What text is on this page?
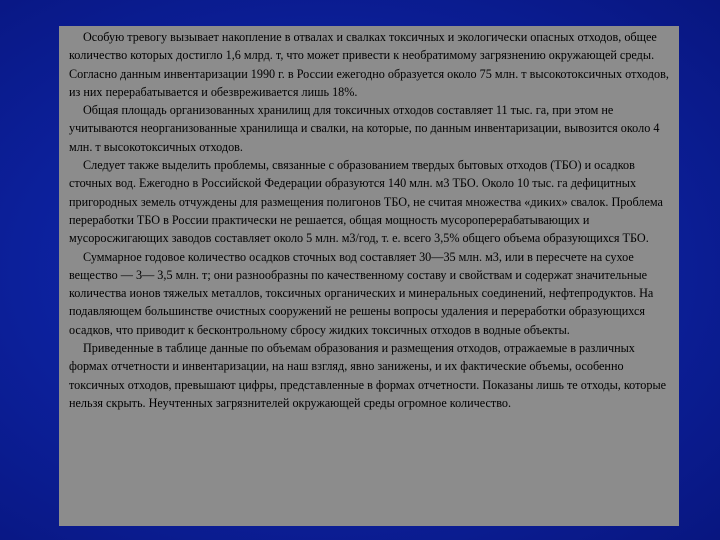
Особую тревогу вызывает накопление в отвалах и свалках токсичных и экологически опасных отходов, общее количество которых достигло 1,6 млрд. т, что может привести к необратимому загрязнению окружающей среды. Согласно данным инвентаризации 1990 г. в России ежегодно образуется около 75 млн. т высокотоксичных отходов, из них перерабатывается и обезвреживается лишь 18%.

Общая площадь организованных хранилищ для токсичных отходов составляет 11 тыс. га, при этом не учитываются неорганизованные хранилища и свалки, на которые, по данным инвентаризации, вывозится около 4 млн. т высокотоксичных отходов.

Следует также выделить проблемы, связанные с образованием твердых бытовых отходов (ТБО) и осадков сточных вод. Ежегодно в Российской Федерации образуются 140 млн. м3 ТБО. Около 10 тыс. га дефицитных пригородных земель отчуждены для размещения полигонов ТБО, не считая множества «диких» свалок. Проблема переработки ТБО в России практически не решается, общая мощность мусороперерабатывающих и мусоросжигающих заводов составляет около 5 млн. м3/год, т. е. всего 3,5% общего объема образующихся ТБО.

Суммарное годовое количество осадков сточных вод составляет 30—35 млн. м3, или в пересчете на сухое вещество — 3— 3,5 млн. т; они разнообразны по качественному составу и свойствам и содержат значительные количества ионов тяжелых металлов, токсичных органических и минеральных соединений, нефтепродуктов. На подавляющем большинстве очистных сооружений не решены вопросы удаления и переработки образующихся осадков, что приводит к бесконтрольному сбросу жидких токсичных отходов в водные объекты.

Приведенные в таблице данные по объемам образования и размещения отходов, отражаемые в различных формах отчетности и инвентаризации, на наш взгляд, явно занижены, и их фактические объемы, особенно токсичных отходов, превышают цифры, представленные в формах отчетности. Показаны лишь те отходы, которые нельзя скрыть. Неучтенных загрязнителей окружающей среды огромное количество.
